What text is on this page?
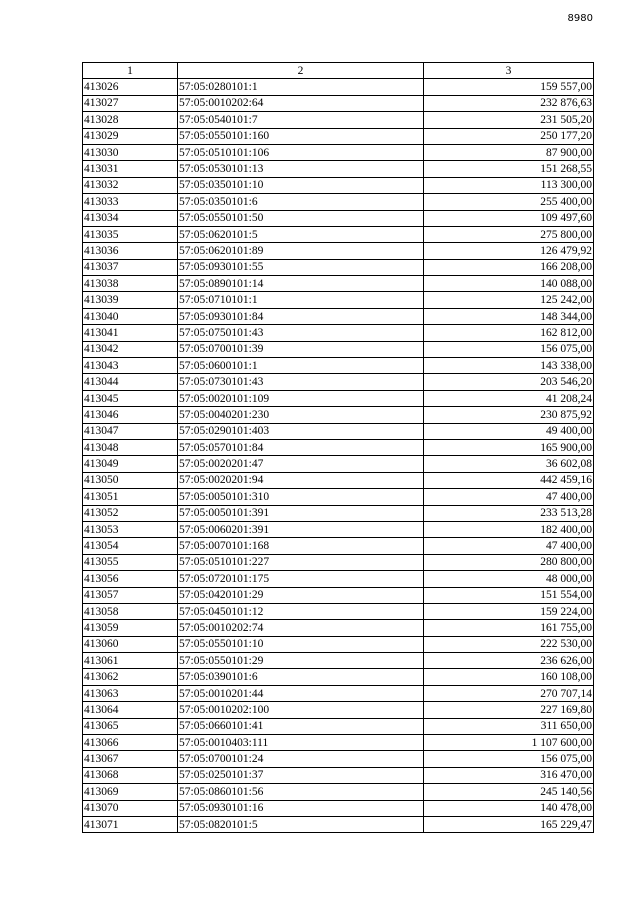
8980
1	2	3
413026	57:05:0280101:1	159 557,00
413027	57:05:0010202:64	232 876,63
413028	57:05:0540101:7	231 505,20
413029	57:05:0550101:160	250 177,20
413030	57:05:0510101:106	87 900,00
413031	57:05:0530101:13	151 268,55
413032	57:05:0350101:10	113 300,00
413033	57:05:0350101:6	255 400,00
413034	57:05:0550101:50	109 497,60
413035	57:05:0620101:5	275 800,00
413036	57:05:0620101:89	126 479,92
413037	57:05:0930101:55	166 208,00
413038	57:05:0890101:14	140 088,00
413039	57:05:0710101:1	125 242,00
413040	57:05:0930101:84	148 344,00
413041	57:05:0750101:43	162 812,00
413042	57:05:0700101:39	156 075,00
413043	57:05:0600101:1	143 338,00
413044	57:05:0730101:43	203 546,20
413045	57:05:0020101:109	41 208,24
413046	57:05:0040201:230	230 875,92
413047	57:05:0290101:403	49 400,00
413048	57:05:0570101:84	165 900,00
413049	57:05:0020201:47	36 602,08
413050	57:05:0020201:94	442 459,16
413051	57:05:0050101:310	47 400,00
413052	57:05:0050101:391	233 513,28
413053	57:05:0060201:391	182 400,00
413054	57:05:0070101:168	47 400,00
413055	57:05:0510101:227	280 800,00
413056	57:05:0720101:175	48 000,00
413057	57:05:0420101:29	151 554,00
413058	57:05:0450101:12	159 224,00
413059	57:05:0010202:74	161 755,00
413060	57:05:0550101:10	222 530,00
413061	57:05:0550101:29	236 626,00
413062	57:05:0390101:6	160 108,00
413063	57:05:0010201:44	270 707,14
413064	57:05:0010202:100	227 169,80
413065	57:05:0660101:41	311 650,00
413066	57:05:0010403:111	1 107 600,00
413067	57:05:0700101:24	156 075,00
413068	57:05:0250101:37	316 470,00
413069	57:05:0860101:56	245 140,56
413070	57:05:0930101:16	140 478,00
413071	57:05:0820101:5	165 229,47
